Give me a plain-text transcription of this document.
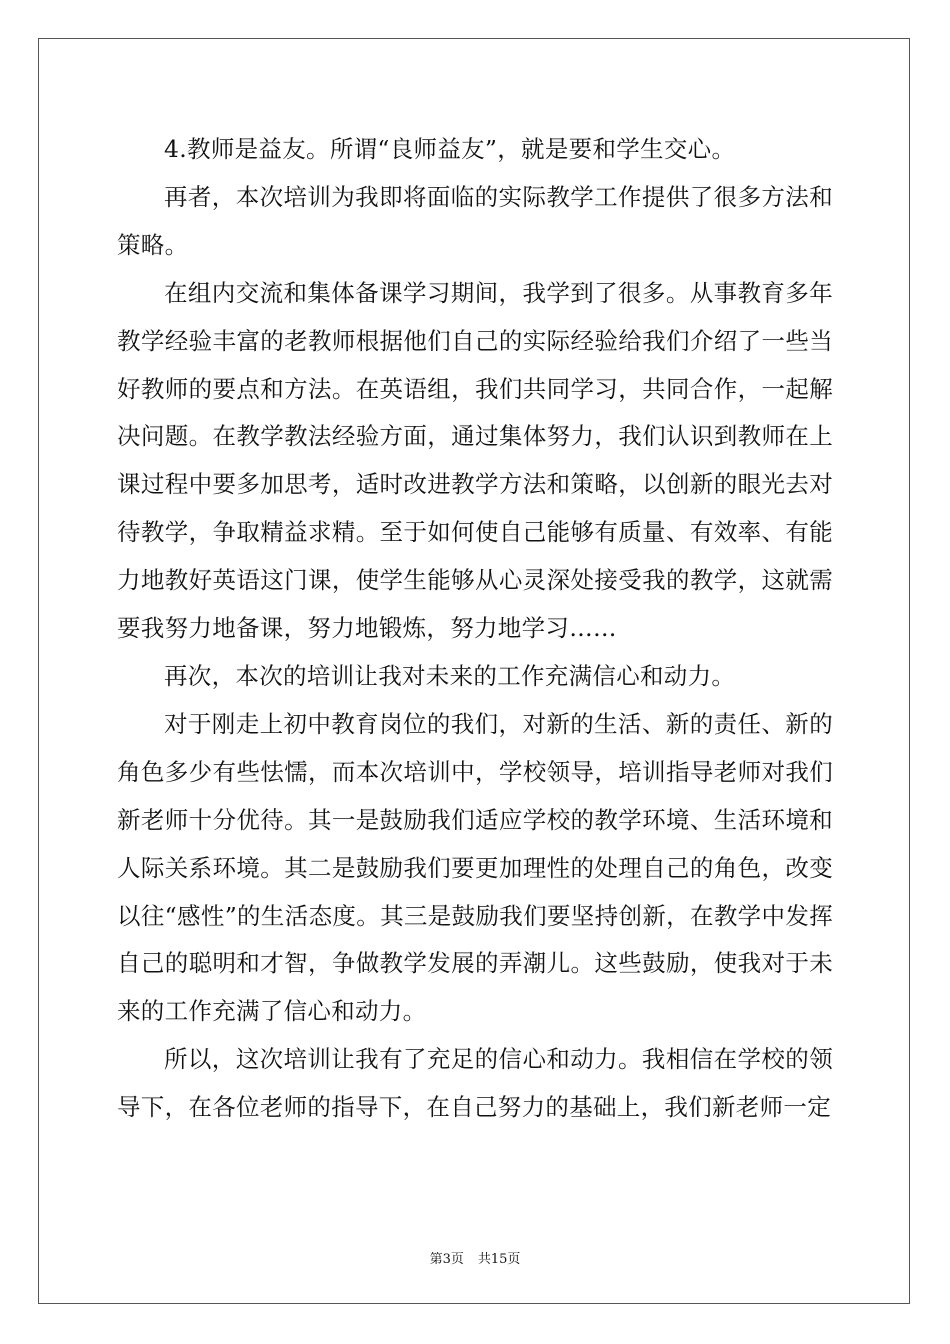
4.教师是益友。所谓“良师益友”，就是要和学生交心。

再者，本次培训为我即将面临的实际教学工作提供了很多方法和策略。

在组内交流和集体备课学习期间，我学到了很多。从事教育多年教学经验丰富的老教师根据他们自己的实际经验给我们介绍了一些当好教师的要点和方法。在英语组，我们共同学习，共同合作，一起解决问题。在教学教法经验方面，通过集体努力，我们认识到教师在上课过程中要多加思考，适时改进教学方法和策略，以创新的眼光去对待教学，争取精益求精。至于如何使自己能够有质量、有效率、有能力地教好英语这门课，使学生能够从心灵深处接受我的教学，这就需要我努力地备课，努力地锻炼，努力地学习……

再次，本次的培训让我对未来的工作充满信心和动力。

对于刚走上初中教育岗位的我们，对新的生活、新的责任、新的角色多少有些怯懦，而本次培训中，学校领导，培训指导老师对我们新老师十分优待。其一是鼓励我们适应学校的教学环境、生活环境和人际关系环境。其二是鼓励我们要更加理性的处理自己的角色，改变以往“感性”的生活态度。其三是鼓励我们要坚持创新，在教学中发挥自己的聪明和才智，争做教学发展的弄潮儿。这些鼓励，使我对于未来的工作充满了信心和动力。

所以，这次培训让我有了充足的信心和动力。我相信在学校的领导下，在各位老师的指导下，在自己努力的基础上，我们新老师一定

第3页 共15页
